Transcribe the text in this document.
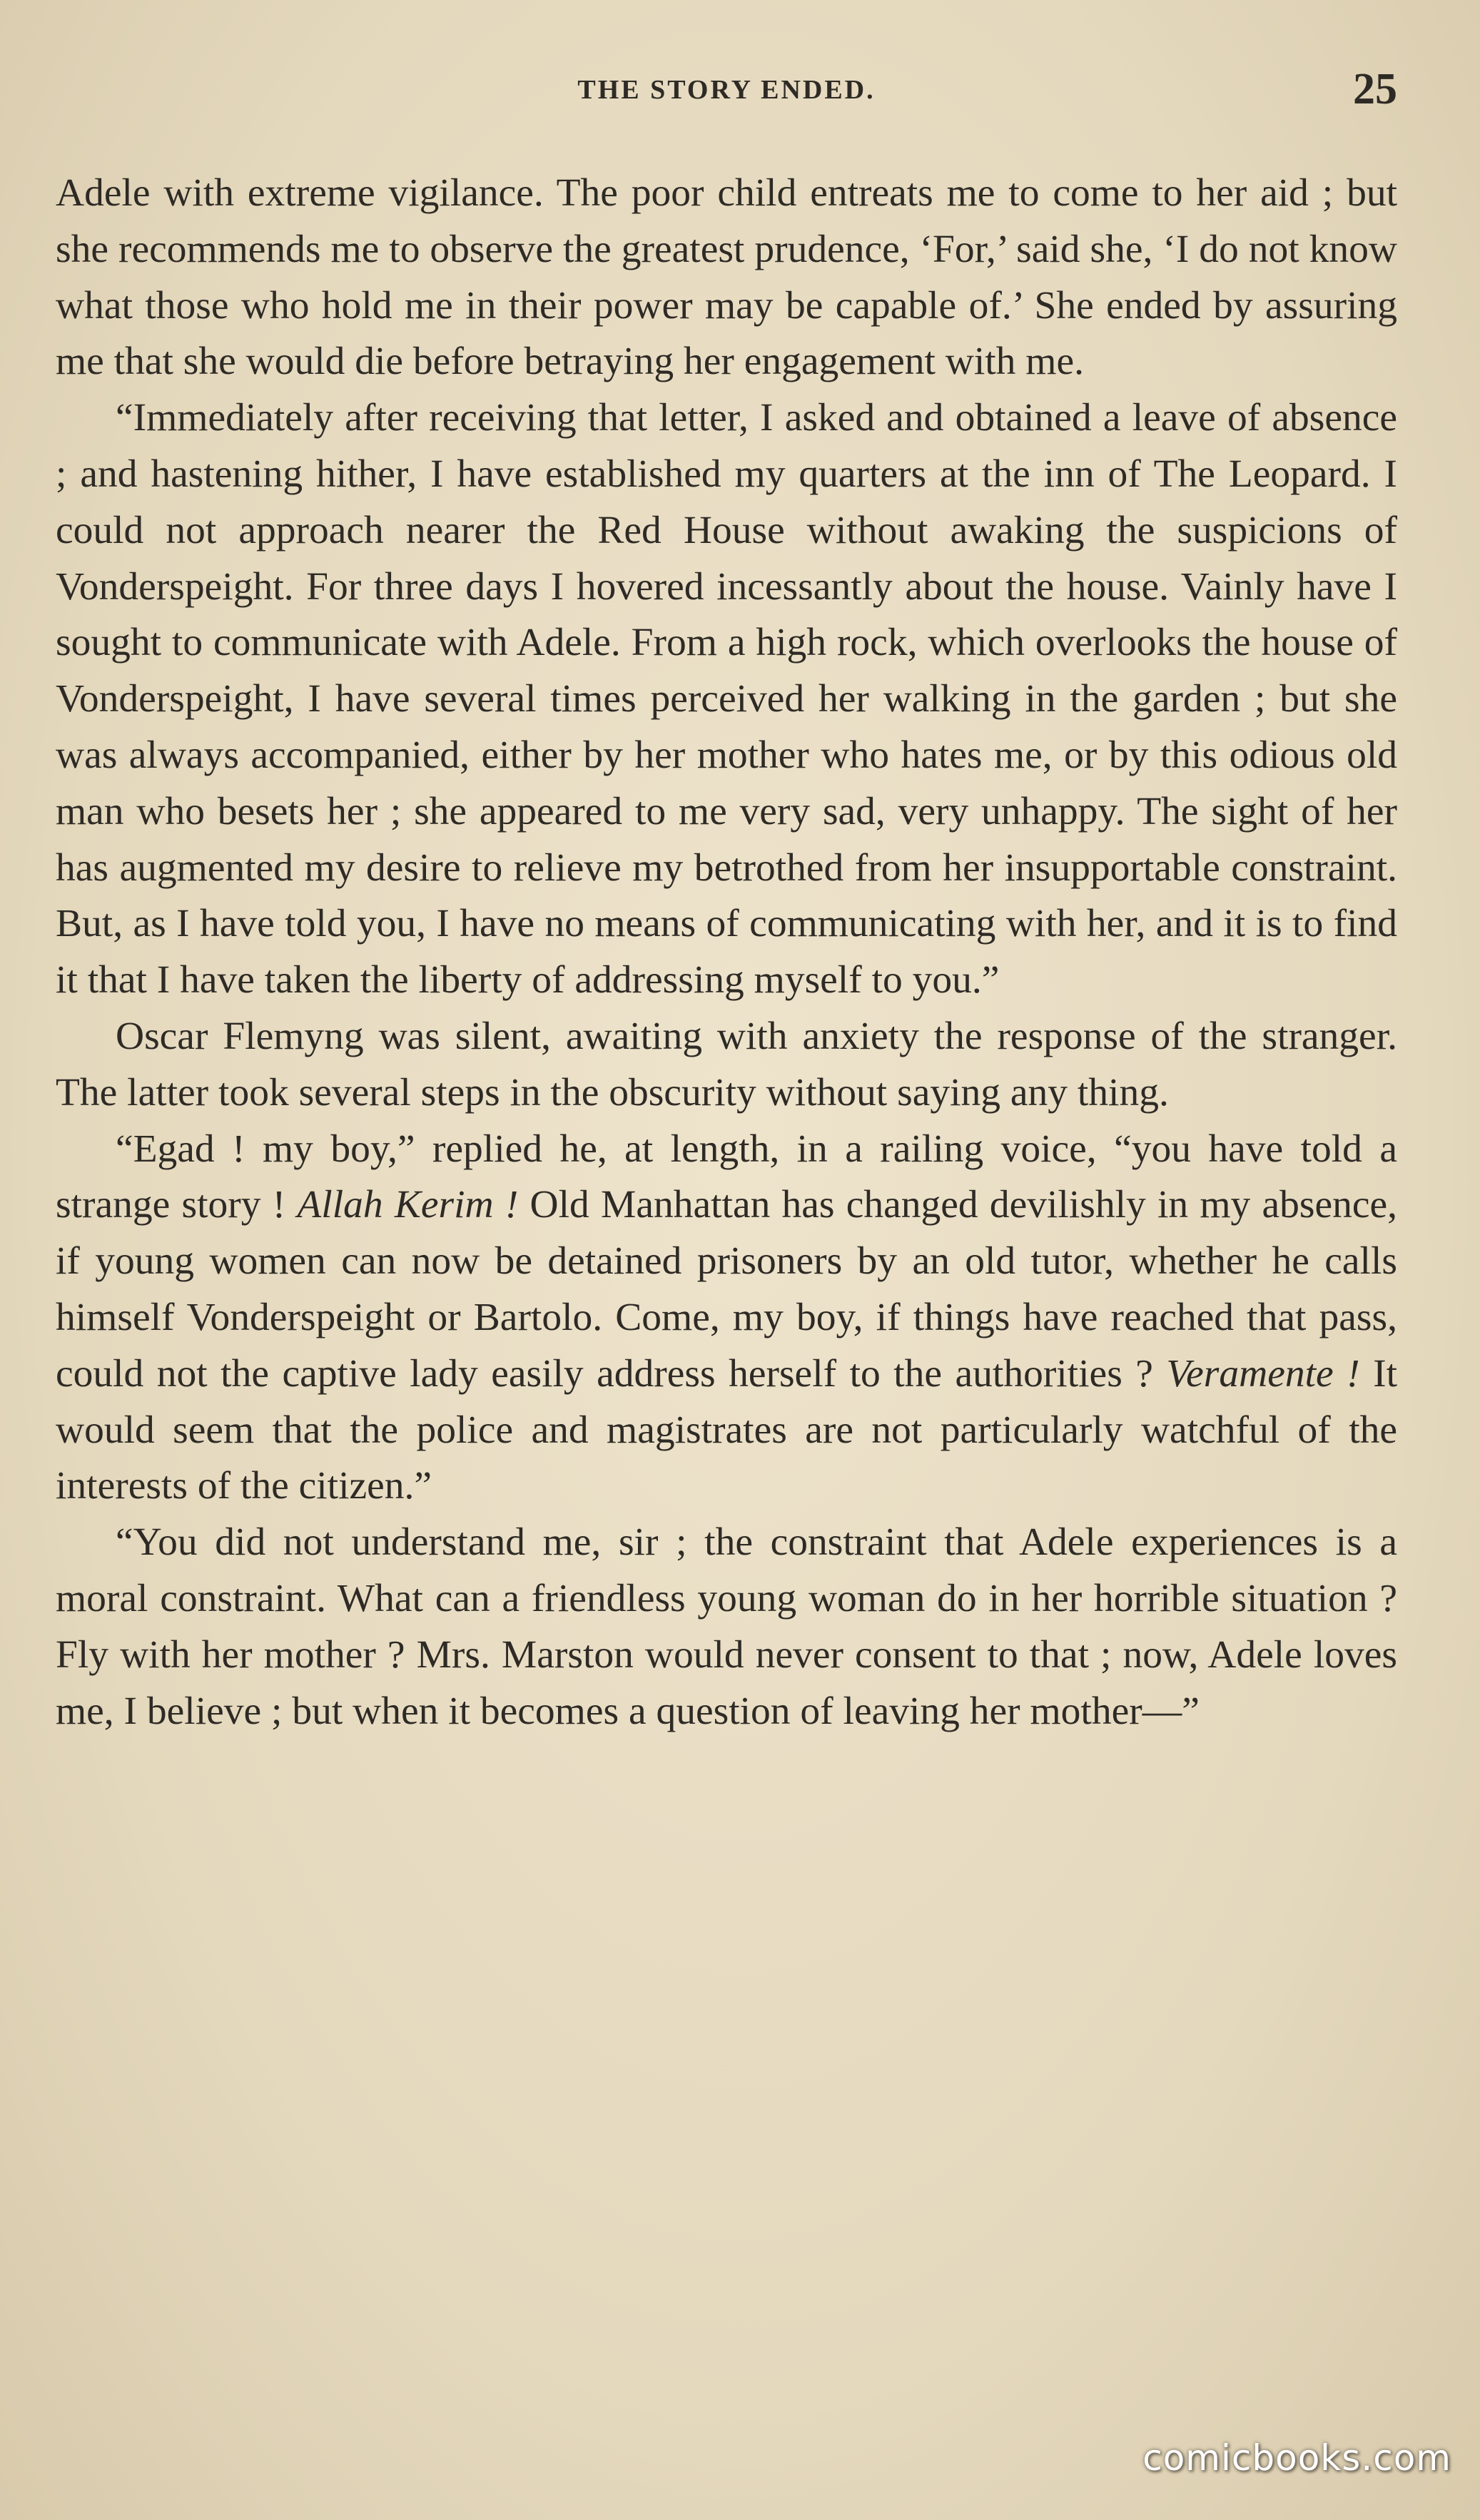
THE STORY ENDED.	25

Adele with extreme vigilance. The poor child entreats me to come to her aid ; but she recommends me to observe the greatest prudence, ‘For,’ said she, ‘I do not know what those who hold me in their power may be capable of.’ She ended by assuring me that she would die before betraying her engagement with me.

“Immediately after receiving that letter, I asked and obtained a leave of absence ; and hastening hither, I have established my quarters at the inn of The Leopard. I could not approach nearer the Red House without awaking the suspicions of Vonderspeight. For three days I hovered incessantly about the house. Vainly have I sought to communicate with Adele. From a high rock, which overlooks the house of Vonderspeight, I have several times perceived her walking in the garden ; but she was always accompanied, either by her mother who hates me, or by this odious old man who besets her ; she appeared to me very sad, very unhappy. The sight of her has augmented my desire to relieve my betrothed from her insupportable constraint. But, as I have told you, I have no means of communicating with her, and it is to find it that I have taken the liberty of addressing myself to you.”

Oscar Flemyng was silent, awaiting with anxiety the response of the stranger. The latter took several steps in the obscurity without saying any thing.

“Egad ! my boy,” replied he, at length, in a railing voice, “you have told a strange story ! Allah Kerim ! Old Manhattan has changed devilishly in my absence, if young women can now be detained prisoners by an old tutor, whether he calls himself Vonderspeight or Bartolo. Come, my boy, if things have reached that pass, could not the captive lady easily address herself to the authorities ? Veramente ! It would seem that the police and magistrates are not particularly watchful of the interests of the citizen.”

“You did not understand me, sir ; the constraint that Adele experiences is a moral constraint. What can a friendless young woman do in her horrible situation ? Fly with her mother ? Mrs. Marston would never consent to that ; now, Adele loves me, I believe ; but when it becomes a question of leaving her mother—”

comicbooks.com
